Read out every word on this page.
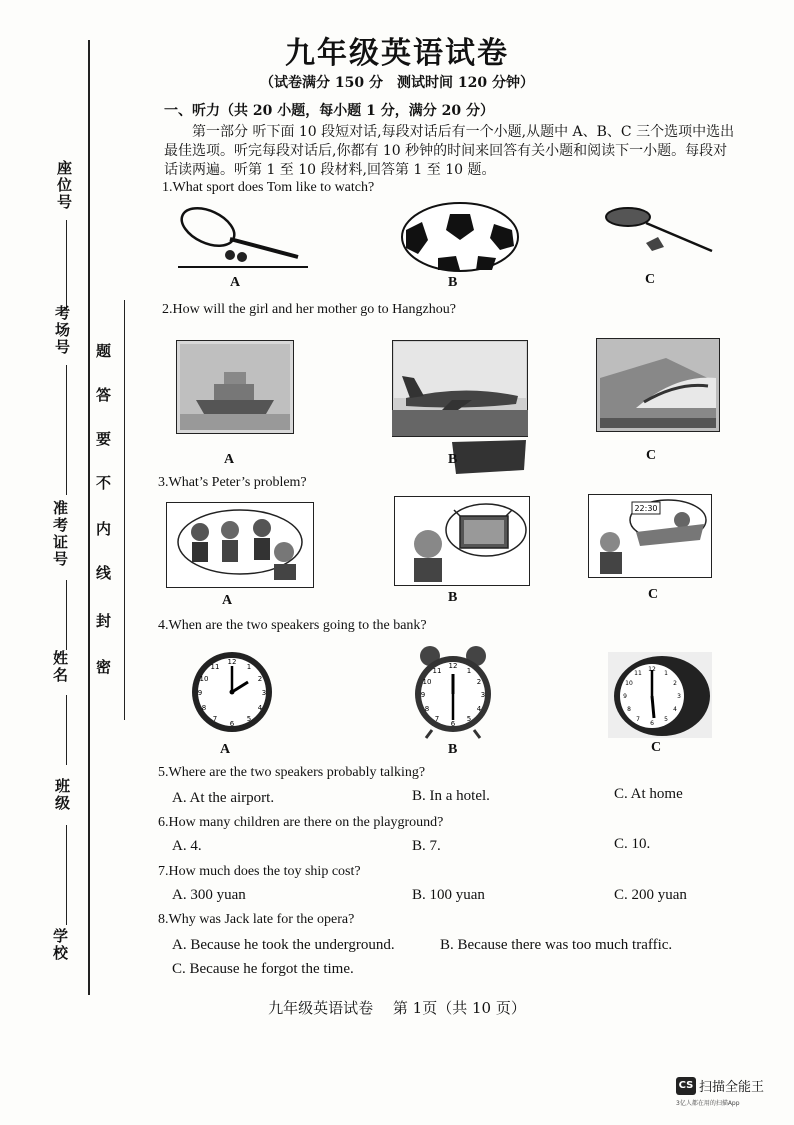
座位号
考场号
准考证号
姓名
班级
学校
题
答
要
不
内
线
封
密
九年级英语试卷
（试卷满分 150 分　测试时间 120 分钟）
一、听力（共 20 小题，每小题 1 分，满分 20 分）
　　第一部分 听下面 10 段短对话,每段对话后有一个小题,从题中 A、B、C 三个选项中选出
最佳选项。听完每段对话后,你都有 10 秒钟的时间来回答有关小题和阅读下一小题。每段对
话读两遍。听第 1 至 10 段材料,回答第 1 至 10 题。
1.What sport does Tom like to watch?
A	B	C
2.How will the girl and her mother go to Hangzhou?
A	B	C
3.What’s Peter’s problem?
A	B
22:30
C
4.When are the two speakers going to the bank?
12
1
2
3
4
5
6
7
8
9
10
11
A
12
1
2
3
4
5
6
7
8
9
10
11
B
12
1
2
3
4
5
6
7
8
9
10
11
C
5.Where are the two speakers probably talking?
A. At the airport.	B. In a hotel.	C. At home
6.How many children are there on the playground?
A. 4.	B. 7.	C. 10.
7.How much does the toy ship cost?
A. 300 yuan	B. 100 yuan	C. 200 yuan
8.Why was Jack late for the opera?
A. Because he took the underground.	B. Because there was too much traffic.
C. Because he forgot the time.
九年级英语试卷　 第 1页（共 10 页）
CS 扫描全能王
3亿人都在用的扫描App
